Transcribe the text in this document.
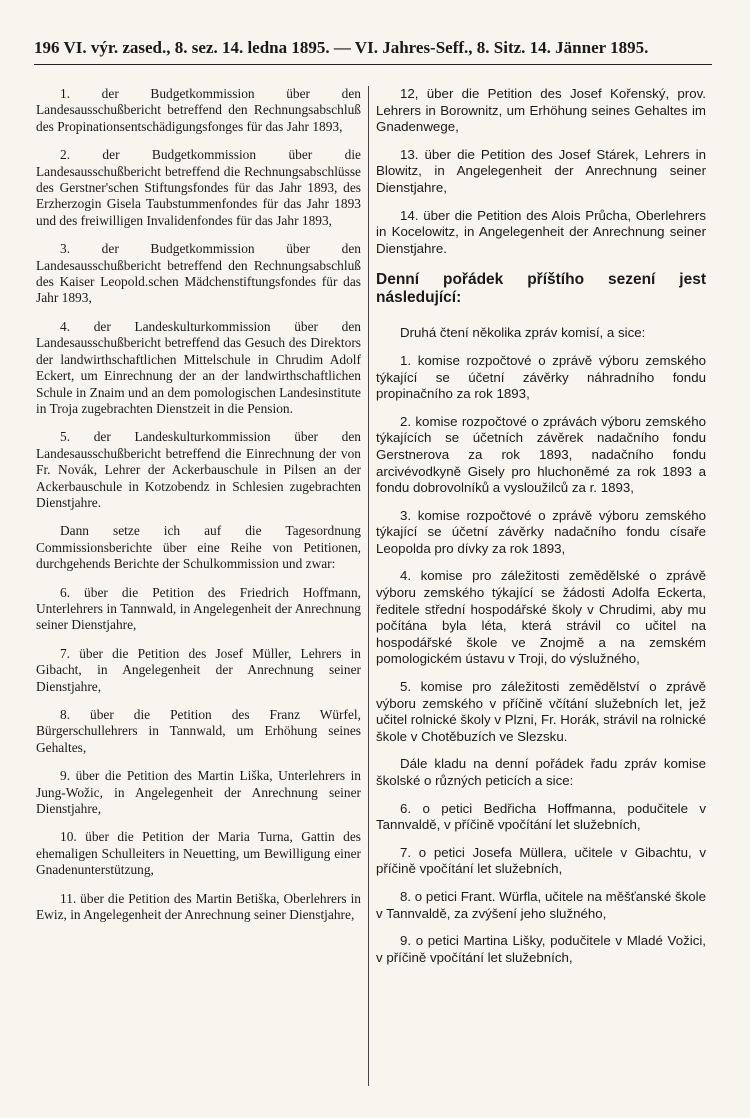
196 VI. výr. zased., 8. sez. 14. ledna 1895. — VI. Jahres-Seff., 8. Sitz. 14. Jänner 1895.

1. der Budgetkommission über den Landesausschußbericht betreffend den Rechnungsabschluß des Propinationsentschädigungsfonges für das Jahr 1893,

2. der Budgetkommission über die Landesausschußbericht betreffend die Rechnungsabschlüsse des Gerstner'schen Stiftungsfondes für das Jahr 1893, des Erzherzogin Gisela Taubstummenfondes für das Jahr 1893 und des freiwilligen Invalidenfondes für das Jahr 1893,

3. der Budgetkommission über den Landesausschußbericht betreffend den Rechnungsabschluß des Kaiser Leopold.schen Mädchenstiftungsfondes für das Jahr 1893,

4. der Landeskulturkommission über den Landesausschußbericht betreffend das Gesuch des Direktors der landwirthschaftlichen Mittelschule in Chrudim Adolf Eckert, um Einrechnung der an der landwirthschaftlichen Schule in Znaim und an dem pomologischen Landesinstitute in Troja zugebrachten Dienstzeit in die Pension.

5. der Landeskulturkommission über den Landesausschußbericht betreffend die Einrechnung der von Fr. Novák, Lehrer der Ackerbauschule in Pilsen an der Ackerbauschule in Kotzobendz in Schlesien zugebrachten Dienstjahre.

Dann setze ich auf die Tagesordnung Commissionsberichte über eine Reihe von Petitionen, durchgehends Berichte der Schulkommission und zwar:

6. über die Petition des Friedrich Hoffmann, Unterlehrers in Tannwald, in Angelegenheit der Anrechnung seiner Dienstjahre,

7. über die Petition des Josef Müller, Lehrers in Gibacht, in Angelegenheit der Anrechnung seiner Dienstjahre,

8. über die Petition des Franz Würfel, Bürgerschullehrers in Tannwald, um Erhöhung seines Gehaltes,

9. über die Petition des Martin Liška, Unterlehrers in Jung-Wožic, in Angelegenheit der Anrechnung seiner Dienstjahre,

10. über die Petition der Maria Turna, Gattin des ehemaligen Schulleiters in Neuetting, um Bewilligung einer Gnadenunterstützung,

11. über die Petition des Martin Betiška, Oberlehrers in Ewiz, in Angelegenheit der Anrechnung seiner Dienstjahre,

12, über die Petition des Josef Kořenský, prov. Lehrers in Borownitz, um Erhöhung seines Gehaltes im Gnadenwege,

13. über die Petition des Josef Stárek, Lehrers in Blowitz, in Angelegenheit der Anrechnung seiner Dienstjahre,

14. über die Petition des Alois Průcha, Oberlehrers in Kocelowitz, in Angelegenheit der Anrechnung seiner Dienstjahre.

Denní pořádek příštího sezení jest následující:

Druhá čtení několika zpráv komisí, a sice:

1. komise rozpočtové o zprávě výboru zemského týkající se účetní závěrky náhradního fondu propinačního za rok 1893,

2. komise rozpočtové o zprávách výboru zemského týkajících se účetních závěrek nadačního fondu Gerstnerova za rok 1893, nadačního fondu arcivévodkyně Gisely pro hluchoněmé za rok 1893 a fondu dobrovolníků a vysloužilců za r. 1893,

3. komise rozpočtové o zprávě výboru zemského týkající se účetní závěrky nadačního fondu císaře Leopolda pro dívky za rok 1893,

4. komise pro záležitosti zemědělské o zprávě výboru zemského týkající se žádosti Adolfa Eckerta, ředitele střední hospodářské školy v Chrudimi, aby mu počítána byla léta, která strávil co učitel na hospodářské škole ve Znojmě a na zemském pomologickém ústavu v Troji, do výslužného,

5. komise pro záležitosti zemědělství o zprávě výboru zemského v příčině včítání služebních let, jež učitel rolnické školy v Plzni, Fr. Horák, strávil na rolnické škole v Chotěbuzích ve Slezsku.

Dále kladu na denní pořádek řadu zpráv komise školské o různých peticích a sice:

6. o petici Bedřicha Hoffmanna, podučitele v Tannvaldě, v příčině vpočítání let služebních,

7. o petici Josefa Müllera, učitele v Gibachtu, v příčině vpočítání let služebních,

8. o petici Frant. Würfla, učitele na měšťanské škole v Tannvaldě, za zvýšení jeho služného,

9. o petici Martina Lišky, podučitele v Mladé Vožici, v příčině vpočítání let služebních,
